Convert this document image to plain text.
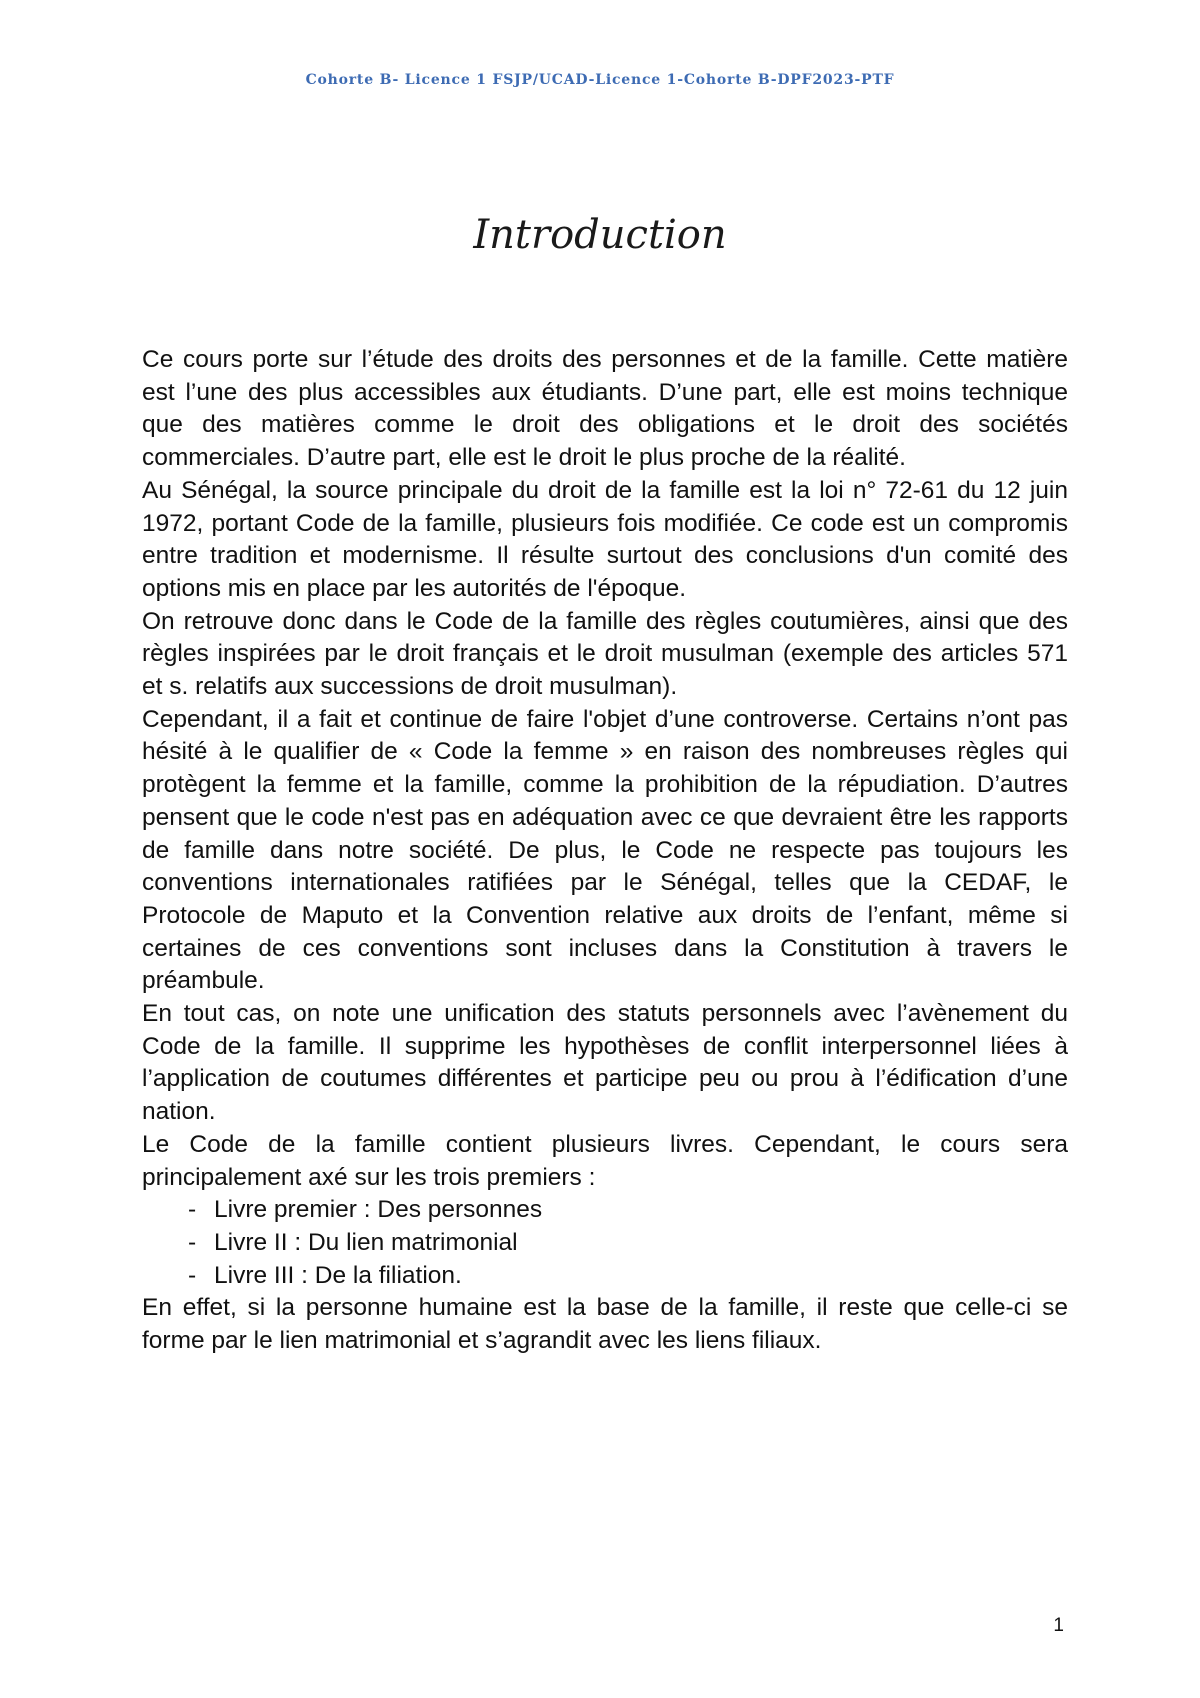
Cohorte B- Licence 1 FSJP/UCAD-Licence 1-Cohorte B-DPF2023-PTF
Introduction

Ce cours porte sur l’étude des droits des personnes et de la famille. Cette matière est l’une des plus accessibles aux étudiants. D’une part, elle est moins technique que des matières comme le droit des obligations et le droit des sociétés commerciales. D’autre part, elle est le droit le plus proche de la réalité.

Au Sénégal, la source principale du droit de la famille est la loi n° 72-61 du 12 juin 1972, portant Code de la famille, plusieurs fois modifiée. Ce code est un compromis entre tradition et modernisme. Il résulte surtout des conclusions d'un comité des options mis en place par les autorités de l'époque.

On retrouve donc dans le Code de la famille des règles coutumières, ainsi que des règles inspirées par le droit français et le droit musulman (exemple des articles 571 et s. relatifs aux successions de droit musulman).

Cependant, il a fait et continue de faire l'objet d’une controverse. Certains n’ont pas hésité à le qualifier de « Code la femme » en raison des nombreuses règles qui protègent la femme et la famille, comme la prohibition de la répudiation. D’autres pensent que le code n'est pas en adéquation avec ce que devraient être les rapports de famille dans notre société. De plus, le Code ne respecte pas toujours les conventions internationales ratifiées par le Sénégal, telles que la CEDAF, le Protocole de Maputo et la Convention relative aux droits de l’enfant, même si certaines de ces conventions sont incluses dans la Constitution à travers le préambule.

En tout cas, on note une unification des statuts personnels avec l’avènement du Code de la famille. Il supprime les hypothèses de conflit interpersonnel liées à l’application de coutumes différentes et participe peu ou prou à l’édification d’une nation.

Le Code de la famille contient plusieurs livres. Cependant, le cours sera principalement axé sur les trois premiers :

- Livre premier : Des personnes
- Livre II : Du lien matrimonial
- Livre III : De la filiation.

En effet, si la personne humaine est la base de la famille, il reste que celle-ci se forme par le lien matrimonial et s’agrandit avec les liens filiaux.

1
